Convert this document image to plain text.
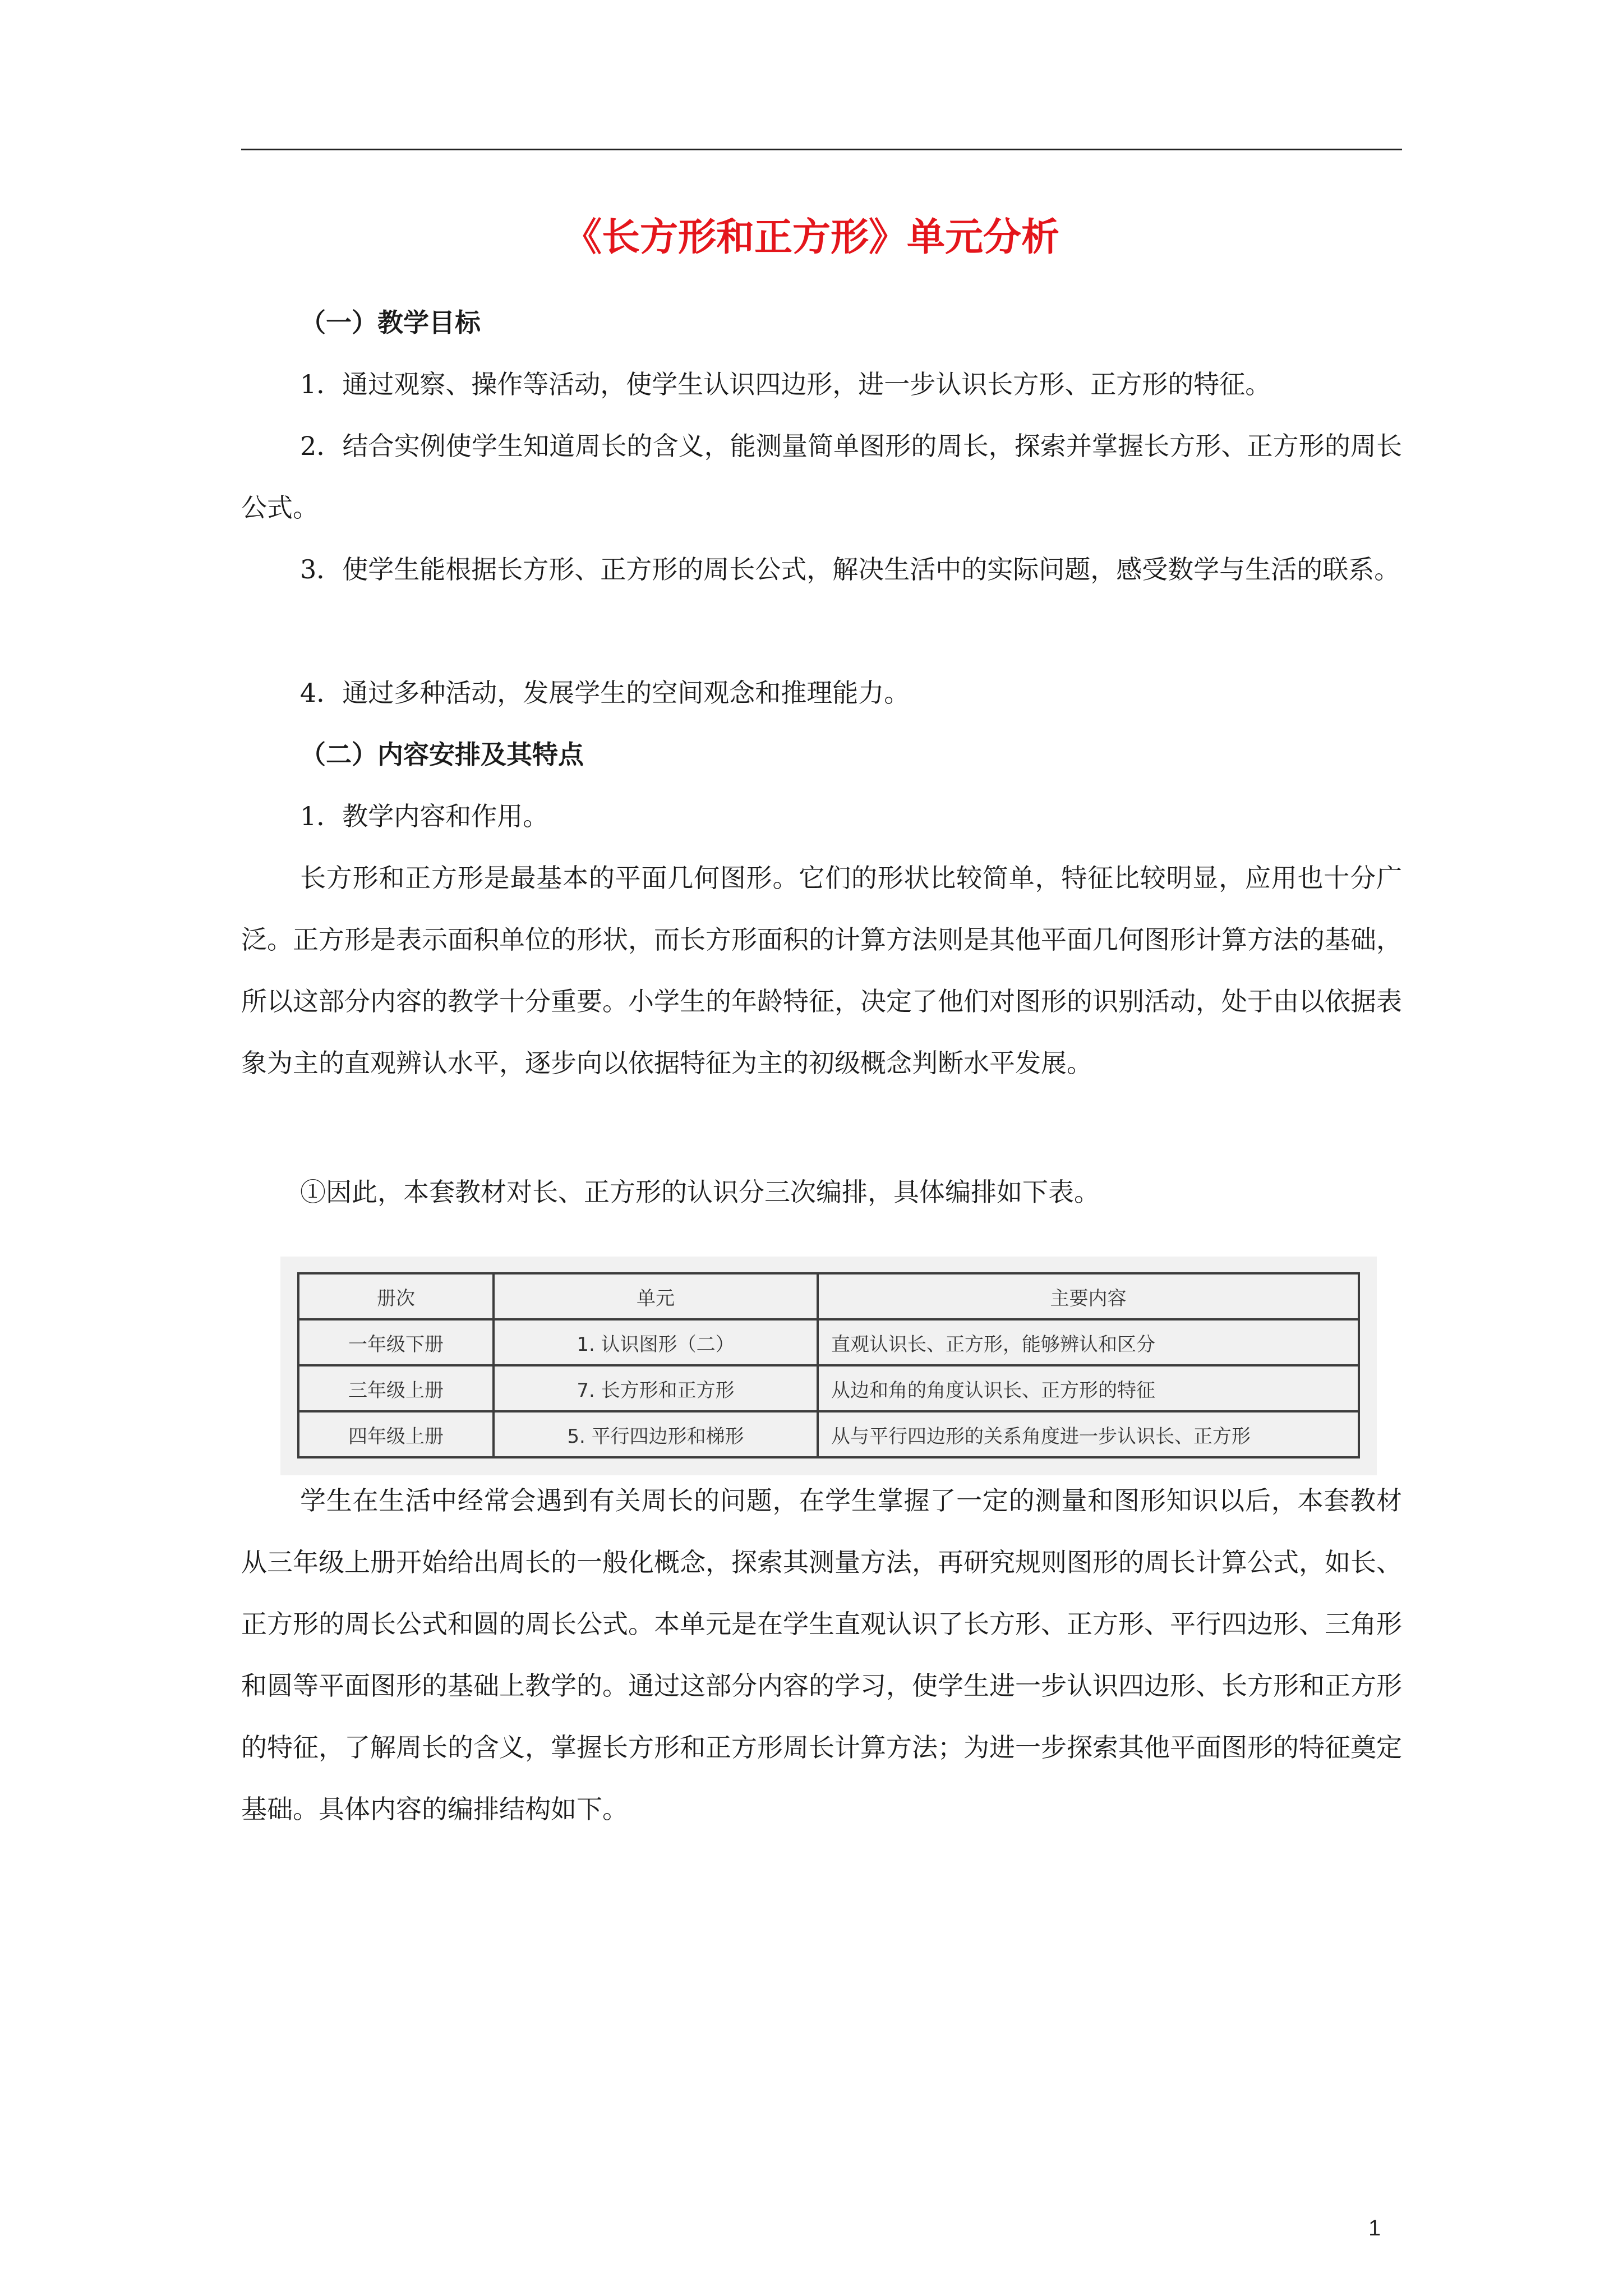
《长方形和正方形》单元分析

（一）教学目标

1．通过观察、操作等活动，使学生认识四边形，进一步认识长方形、正方形的特征。

2．结合实例使学生知道周长的含义，能测量简单图形的周长，探索并掌握长方形、正方形的周长公式。

3．使学生能根据长方形、正方形的周长公式，解决生活中的实际问题，感受数学与生活的联系。

4．通过多种活动，发展学生的空间观念和推理能力。

（二）内容安排及其特点

1．教学内容和作用。

长方形和正方形是最基本的平面几何图形。它们的形状比较简单，特征比较明显，应用也十分广泛。正方形是表示面积单位的形状，而长方形面积的计算方法则是其他平面几何图形计算方法的基础，所以这部分内容的教学十分重要。小学生的年龄特征，决定了他们对图形的识别活动，处于由以依据表象为主的直观辨认水平，逐步向以依据特征为主的初级概念判断水平发展。

①因此，本套教材对长、正方形的认识分三次编排，具体编排如下表。

册次	单元	主要内容
一年级下册	1. 认识图形（二）	直观认识长、正方形，能够辨认和区分
三年级上册	7. 长方形和正方形	从边和角的角度认识长、正方形的特征
四年级上册	5. 平行四边形和梯形	从与平行四边形的关系角度进一步认识长、正方形

学生在生活中经常会遇到有关周长的问题，在学生掌握了一定的测量和图形知识以后，本套教材从三年级上册开始给出周长的一般化概念，探索其测量方法，再研究规则图形的周长计算公式，如长、正方形的周长公式和圆的周长公式。本单元是在学生直观认识了长方形、正方形、平行四边形、三角形和圆等平面图形的基础上教学的。通过这部分内容的学习，使学生进一步认识四边形、长方形和正方形的特征，了解周长的含义，掌握长方形和正方形周长计算方法；为进一步探索其他平面图形的特征奠定基础。具体内容的编排结构如下。

1
